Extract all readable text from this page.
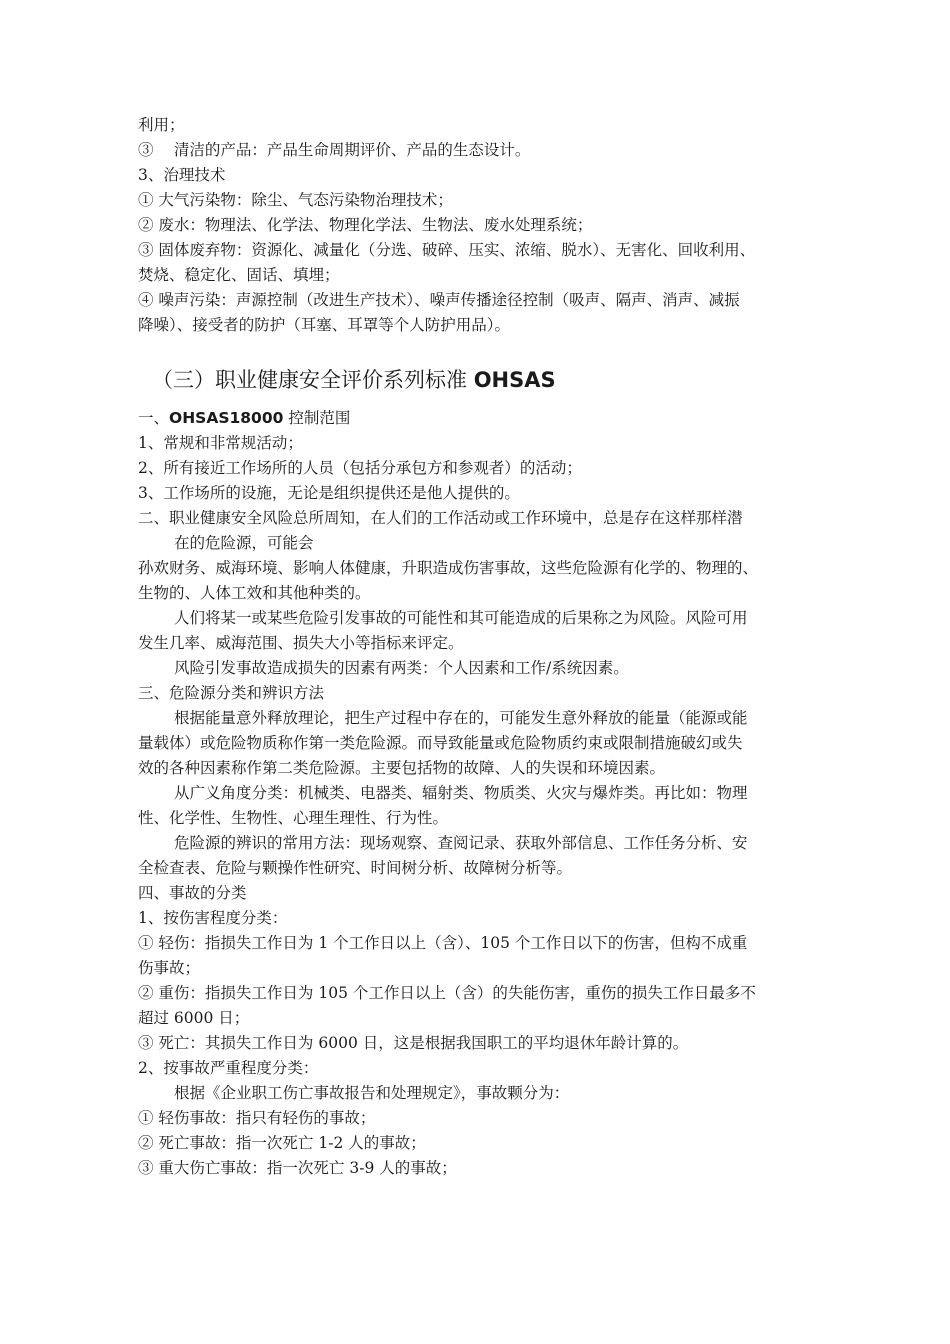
利用；
③　 清洁的产品：产品生命周期评价、产品的生态设计。
3、治理技术
① 大气污染物：除尘、气态污染物治理技术；
② 废水：物理法、化学法、物理化学法、生物法、废水处理系统；
③ 固体废弃物：资源化、减量化（分选、破碎、压实、浓缩、脱水）、无害化、回收利用、
焚烧、稳定化、固话、填埋；
④ 噪声污染：声源控制（改进生产技术）、噪声传播途径控制（吸声、隔声、消声、减振
降噪）、接受者的防护（耳塞、耳罩等个人防护用品）。
（三）职业健康安全评价系列标准 OHSAS
一、OHSAS18000 控制范围
1、常规和非常规活动；
2、所有接近工作场所的人员（包括分承包方和参观者）的活动；
3、工作场所的设施，无论是组织提供还是他人提供的。
二、职业健康安全风险总所周知，在人们的工作活动或工作环境中，总是存在这样那样潜
在的危险源，可能会
孙欢财务、威海环境、影响人体健康，升职造成伤害事故，这些危险源有化学的、物理的、
生物的、人体工效和其他种类的。
人们将某一或某些危险引发事故的可能性和其可能造成的后果称之为风险。风险可用
发生几率、威海范围、损失大小等指标来评定。
风险引发事故造成损失的因素有两类：个人因素和工作/系统因素。
三、危险源分类和辨识方法
根据能量意外释放理论，把生产过程中存在的，可能发生意外释放的能量（能源或能
量载体）或危险物质称作第一类危险源。而导致能量或危险物质约束或限制措施破幻或失
效的各种因素称作第二类危险源。主要包括物的故障、人的失误和环境因素。
从广义角度分类：机械类、电器类、辐射类、物质类、火灾与爆炸类。再比如：物理
性、化学性、生物性、心理生理性、行为性。
危险源的辨识的常用方法：现场观察、查阅记录、获取外部信息、工作任务分析、安
全检查表、危险与颗操作性研究、时间树分析、故障树分析等。
四、事故的分类
1、按伤害程度分类：
① 轻伤：指损失工作日为 1 个工作日以上（含）、105 个工作日以下的伤害，但构不成重
伤事故；
② 重伤：指损失工作日为 105 个工作日以上（含）的失能伤害，重伤的损失工作日最多不
超过 6000 日；
③ 死亡：其损失工作日为 6000 日，这是根据我国职工的平均退休年龄计算的。
2、按事故严重程度分类：
根据《企业职工伤亡事故报告和处理规定》，事故颗分为：
① 轻伤事故：指只有轻伤的事故；
② 死亡事故：指一次死亡 1-2 人的事故；
③ 重大伤亡事故：指一次死亡 3-9 人的事故；
